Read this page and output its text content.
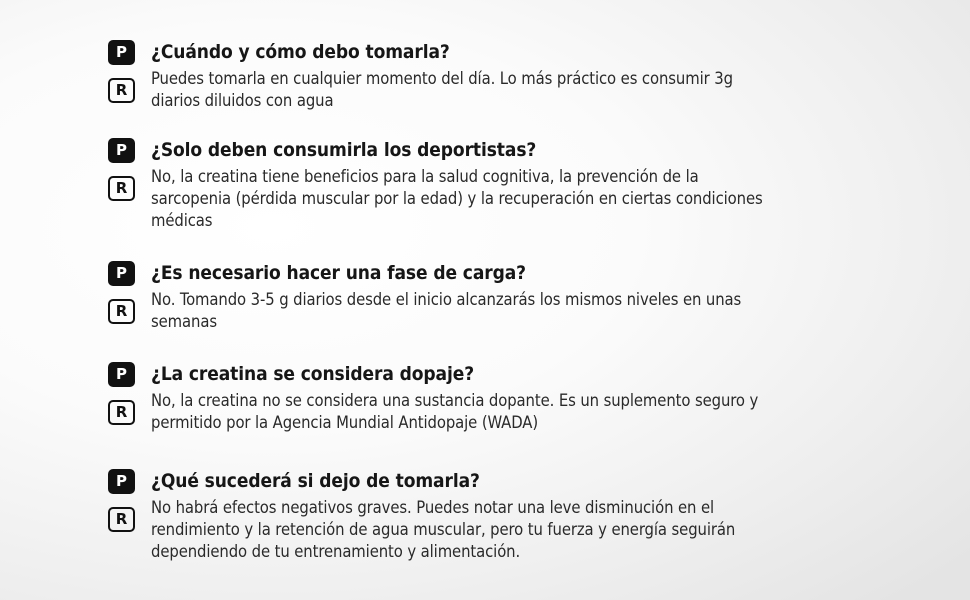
P
R
¿Cuándo y cómo debo tomarla?
Puedes tomarla en cualquier momento del día. Lo más práctico es consumir 3g diarios diluidos con agua
P
R
¿Solo deben consumirla los deportistas?
No, la creatina tiene beneficios para la salud cognitiva, la prevención de la sarcopenia (pérdida muscular por la edad) y la recuperación en ciertas condiciones médicas
P
R
¿Es necesario hacer una fase de carga?
No. Tomando 3-5 g diarios desde el inicio alcanzarás los mismos niveles en unas semanas
P
R
¿La creatina se considera dopaje?
No, la creatina no se considera una sustancia dopante. Es un suplemento seguro y permitido por la Agencia Mundial Antidopaje (WADA)
P
R
¿Qué sucederá si dejo de tomarla?
No habrá efectos negativos graves. Puedes notar una leve disminución en el rendimiento y la retención de agua muscular, pero tu fuerza y energía seguirán dependiendo de tu entrenamiento y alimentación.
